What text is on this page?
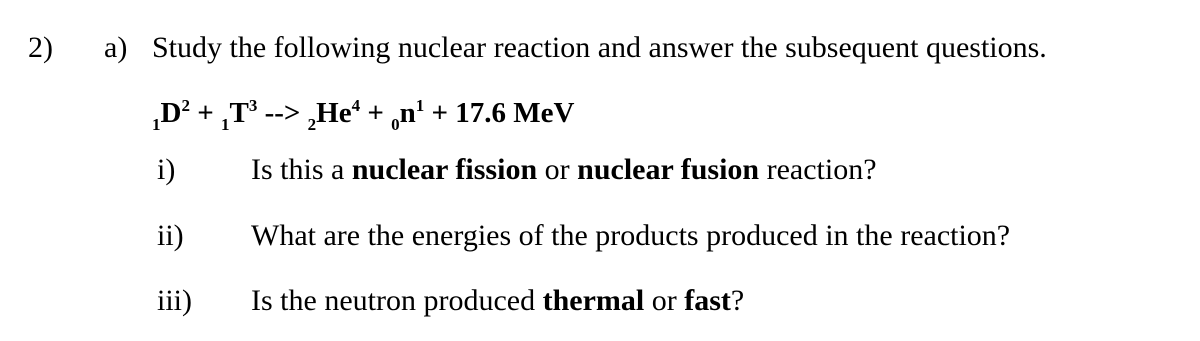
2) a) Study the following nuclear reaction and answer the subsequent questions.
$_1D^2 + _1T^3$ --> $_2He^4 + _0n^1 + 17.6$ MeV
i)	Is this a nuclear fission or nuclear fusion reaction?
ii) What are the energies of the products produced in the reaction?
iii) Is the neutron produced thermal or fast?
